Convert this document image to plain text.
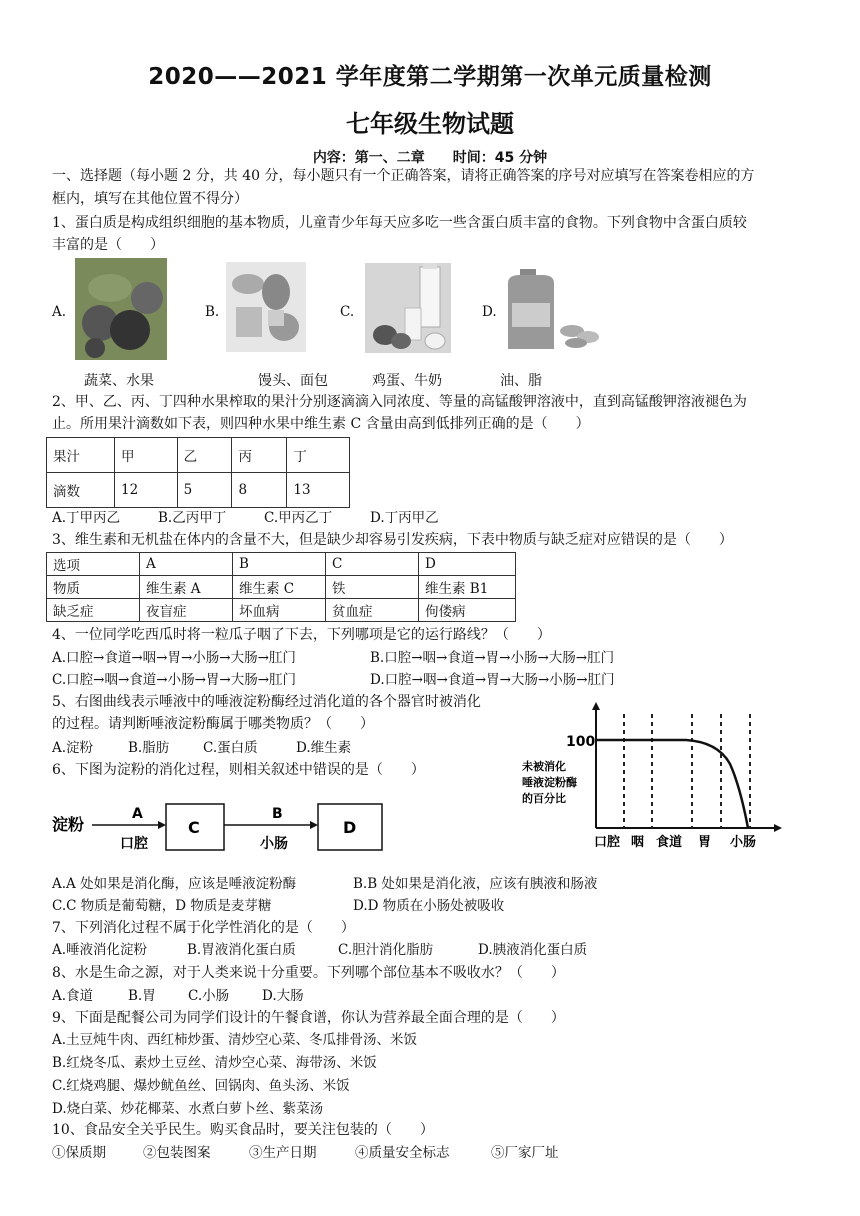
2020——2021 学年度第二学期第一次单元质量检测
七年级生物试题
内容：第一、二章　　时间：45 分钟
一、选择题（每小题 2 分，共 40 分，每小题只有一个正确答案，请将正确答案的序号对应填写在答案卷相应的方
框内，填写在其他位置不得分）
1、蛋白质是构成组织细胞的基本物质，儿童青少年每天应多吃一些含蛋白质丰富的食物。下列食物中含蛋白质较
丰富的是（　　）
A.
蔬菜、水果
B.
馒头、面包
C.
鸡蛋、牛奶
D.
油、脂
2、甲、乙、丙、丁四种水果榨取的果汁分别逐滴滴入同浓度、等量的高锰酸钾溶液中，直到高锰酸钾溶液褪色为
止。所用果汁滴数如下表，则四种水果中维生素 C 含量由高到低排列正确的是（　　）
果汁	甲	乙	丙	丁
滴数	12	5	8	13
A.丁甲丙乙	B.乙丙甲丁	C.甲丙乙丁	D.丁丙甲乙
3、维生素和无机盐在体内的含量不大，但是缺少却容易引发疾病，下表中物质与缺乏症对应错误的是（　　）
选项	A	B	C	D
物质	维生素 A	维生素 C	铁	维生素 B1
缺乏症	夜盲症	坏血病	贫血症	佝偻病
4、一位同学吃西瓜时将一粒瓜子咽了下去，下列哪项是它的运行路线？（　　）
A.口腔→食道→咽→胃→小肠→大肠→肛门	B.口腔→咽→食道→胃→小肠→大肠→肛门
C.口腔→咽→食道→小肠→胃→大肠→肛门	D.口腔→咽→食道→胃→大肠→小肠→肛门
5、右图曲线表示唾液中的唾液淀粉酶经过消化道的各个器官时被消化
的过程。请判断唾液淀粉酶属于哪类物质？（　　）
A.淀粉	B.脂肪	C.蛋白质	D.维生素	100
未被消化
唾液淀粉酶
的百分比
口腔 咽 食道 胃 小肠
6、下图为淀粉的消化过程，则相关叙述中错误的是（　　）
淀粉
A
口腔
C
B
小肠
D
A.A 处如果是消化酶，应该是唾液淀粉酶	B.B 处如果是消化液，应该有胰液和肠液
C.C 物质是葡萄糖，D 物质是麦芽糖	D.D 物质在小肠处被吸收
7、下列消化过程不属于化学性消化的是（　　）
A.唾液消化淀粉	B.胃液消化蛋白质	C.胆汁消化脂肪	D.胰液消化蛋白质
8、水是生命之源，对于人类来说十分重要。下列哪个部位基本不吸收水？（　　）
A.食道	B.胃 C.小肠 D.大肠
9、下面是配餐公司为同学们设计的午餐食谱，你认为营养最全面合理的是（　　）
A.土豆炖牛肉、西红柿炒蛋、清炒空心菜、冬瓜排骨汤、米饭
B.红烧冬瓜、素炒土豆丝、清炒空心菜、海带汤、米饭
C.红烧鸡腿、爆炒鱿鱼丝、回锅肉、鱼头汤、米饭
D.烧白菜、炒花椰菜、水煮白萝卜丝、紫菜汤
10、食品安全关乎民生。购买食品时，要关注包装的（　　）
①保质期	②包装图案	③生产日期	④质量安全标志	⑤厂家厂址
